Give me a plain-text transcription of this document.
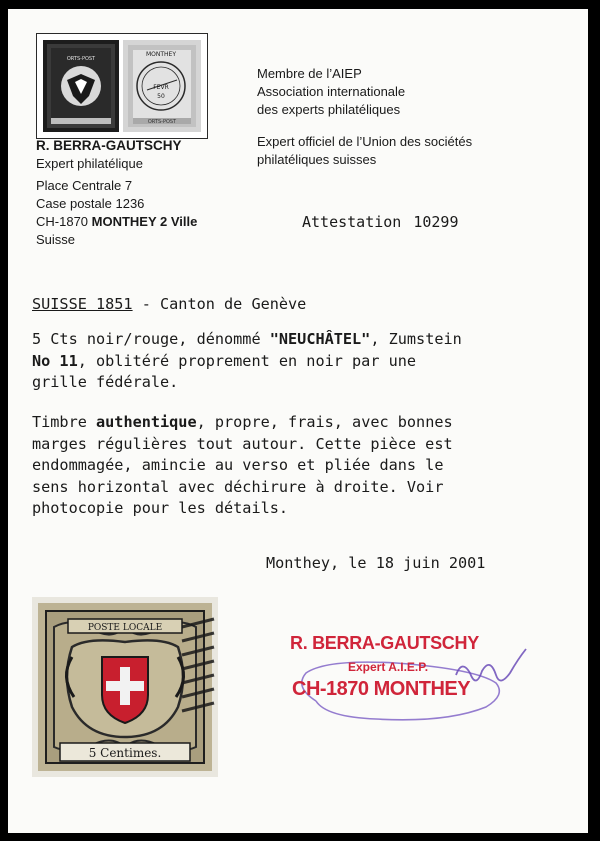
MONTHEY
FEVR
50
ORTS-POST
ORTS-POST
R. BERRA-GAUTSCHY
Expert philatélique
Place Centrale 7
Case postale 1236
CH-1870 MONTHEY 2 Ville
Suisse
Membre de l’AIEP
Association internationale
des experts philatéliques
Expert officiel de l’Union des sociétés
philatéliques suisses
Attestation 10299
SUISSE 1851 - Canton de Genève
5 Cts noir/rouge, dénommé "NEUCHÂTEL", Zumstein
No 11, oblitéré proprement en noir par une
grille fédérale.
Timbre authentique, propre, frais, avec bonnes
marges régulières tout autour. Cette pièce est
endommagée, amincie au verso et pliée dans le
sens horizontal avec déchirure à droite. Voir
photocopie pour les détails.
Monthey, le 18 juin 2001
POSTE LOCALE
5 Centimes.
R. BERRA-GAUTSCHY
Expert A.I.E.P.
CH-1870 MONTHEY
